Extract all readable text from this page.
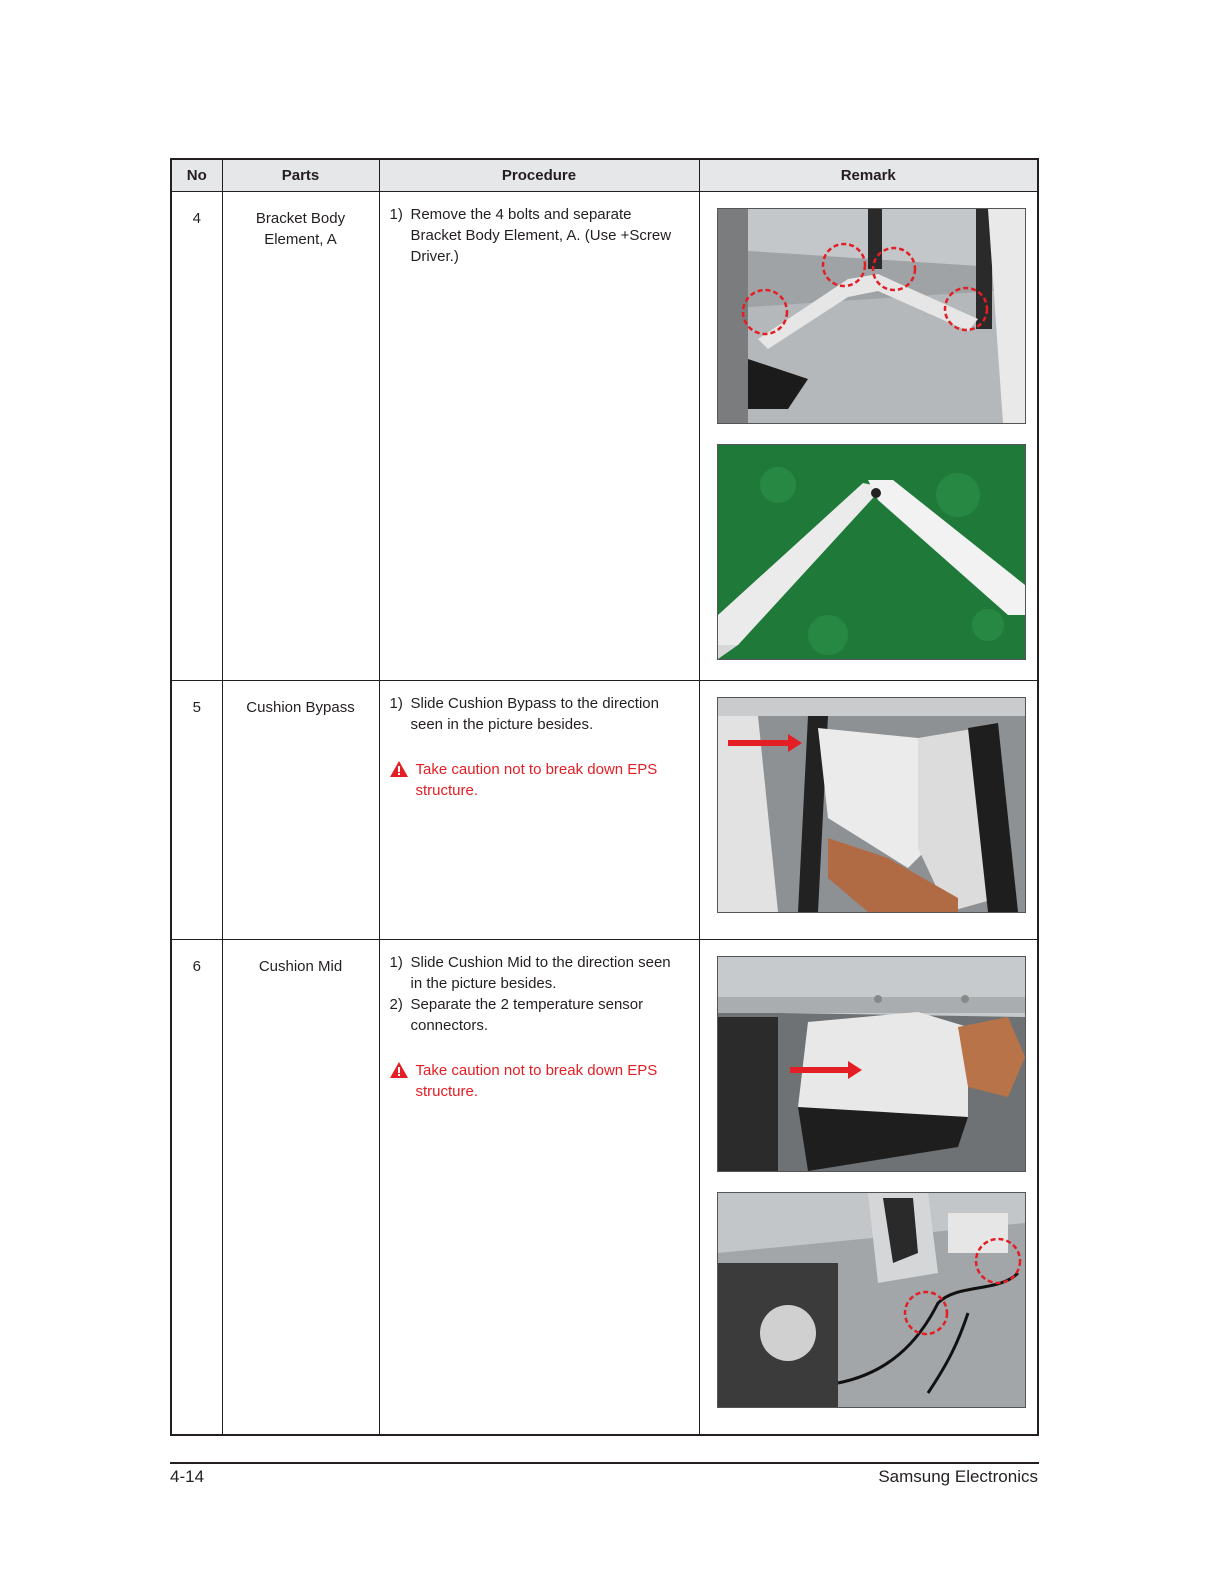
No	Parts	Procedure	Remark
4	Bracket Body Element, A	1) Remove the 4 bolts and separate Bracket Body Element, A. (Use +Screw Driver.)

5	Cushion Bypass	1) Slide Cushion Bypass to the direction seen in the picture besides.
Take caution not to break down EPS structure.

6	Cushion Mid	1) Slide Cushion Mid to the direction seen in the picture besides.
2) Separate the 2 temperature sensor connectors.
Take caution not to break down EPS structure.

4-14	Samsung Electronics
